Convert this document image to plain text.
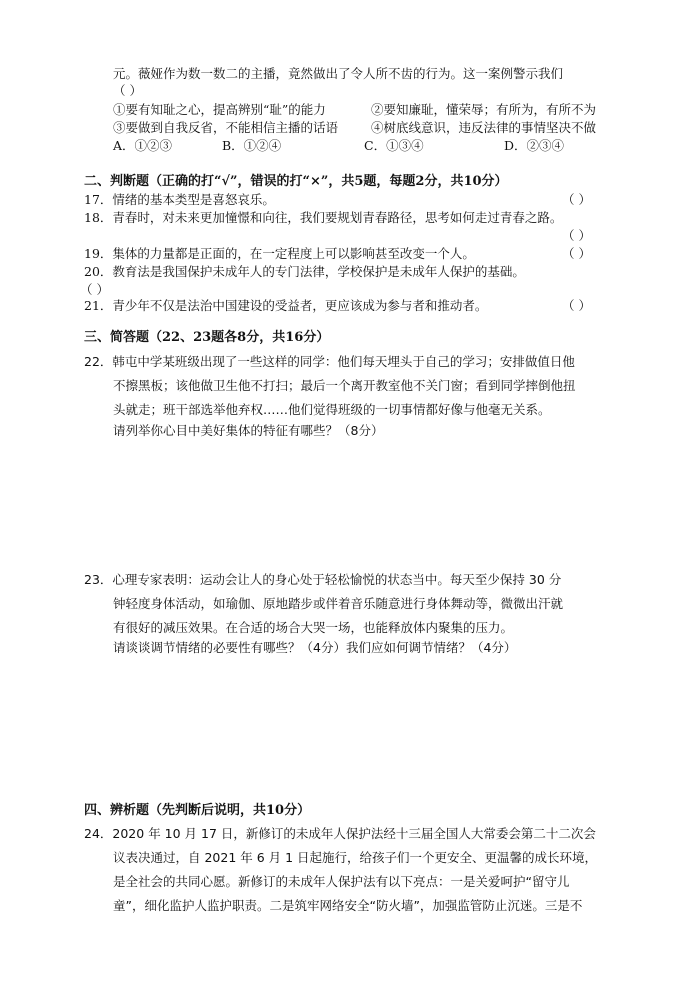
元。薇娅作为数一数二的主播，竟然做出了令人所不齿的行为。这一案例警示我们
（ ）
①要有知耻之心，提高辨别“耻”的能力	②要知廉耻，懂荣辱；有所为，有所不为
③要做到自我反省，不能相信主播的话语	④树底线意识，违反法律的事情坚决不做
A．①②③	B．①②④	C．①③④	D．②③④
二、判断题（正确的打“√”，错误的打“×”，共5题，每题2分，共10分）
17．情绪的基本类型是喜怒哀乐。	（ ）
18．青春时，对未来更加憧憬和向往，我们要规划青春路径，思考如何走过青春之路。
（ ）
19．集体的力量都是正面的，在一定程度上可以影响甚至改变一个人。	（ ）
20．教育法是我国保护未成年人的专门法律，学校保护是未成年人保护的基础。
（ ）
21．青少年不仅是法治中国建设的受益者，更应该成为参与者和推动者。	（ ）
三、简答题（22、23题各8分，共16分）
22．韩屯中学某班级出现了一些这样的同学：他们每天埋头于自己的学习；安排做值日他
不擦黑板；该他做卫生他不打扫；最后一个离开教室他不关门窗；看到同学摔倒他扭
头就走；班干部选举他弃权……他们觉得班级的一切事情都好像与他毫无关系。
请列举你心目中美好集体的特征有哪些？（8分）
23．心理专家表明：运动会让人的身心处于轻松愉悦的状态当中。每天至少保持 30 分
钟轻度身体活动，如瑜伽、原地踏步或伴着音乐随意进行身体舞动等，微微出汗就
有很好的减压效果。在合适的场合大哭一场，也能释放体内聚集的压力。
请谈谈调节情绪的必要性有哪些？（4分）我们应如何调节情绪？（4分）
四、辨析题（先判断后说明，共10分）
24．2020 年 10 月 17 日，新修订的未成年人保护法经十三届全国人大常委会第二十二次会
议表决通过，自 2021 年 6 月 1 日起施行，给孩子们一个更安全、更温馨的成长环境，
是全社会的共同心愿。新修订的未成年人保护法有以下亮点：一是关爱呵护“留守儿
童”，细化监护人监护职责。二是筑牢网络安全“防火墙”，加强监管防止沉迷。三是不
